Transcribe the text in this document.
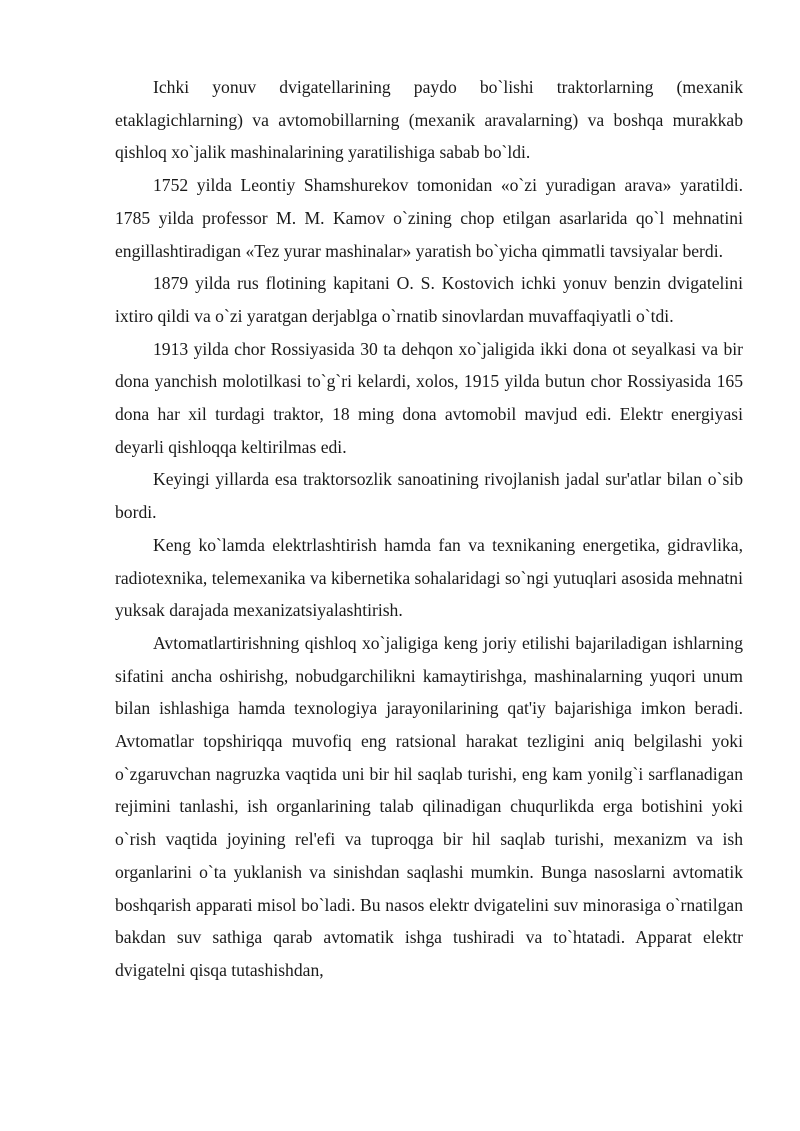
Ichki yonuv dvigatellarining paydo bo`lishi traktorlarning (mexanik etaklagichlarning) va avtomobillarning (mexanik aravalarning) va boshqa murakkab qishloq xo`jalik mashinalarining yaratilishiga sabab bo`ldi.

1752 yilda Leontiy Shamshurekov tomonidan «o`zi yuradigan arava» yaratildi. 1785 yilda professor M. M. Kamov o`zining chop etilgan asarlarida qo`l mehnatini engillashtiradigan «Tez yurar mashinalar» yaratish bo`yicha qimmatli tavsiyalar berdi.

1879 yilda rus flotining kapitani O. S. Kostovich ichki yonuv benzin dvigatelini ixtiro qildi va o`zi yaratgan derjablga o`rnatib sinovlardan muvaffaqiyatli o`tdi.

1913 yilda chor Rossiyasida 30 ta dehqon xo`jaligida ikki dona ot seyalkasi va bir dona yanchish molotilkasi to`g`ri kelardi, xolos, 1915 yilda butun chor Rossiyasida 165 dona har xil turdagi traktor, 18 ming dona avtomobil mavjud edi. Elektr energiyasi deyarli qishloqqa keltirilmas edi.

Keyingi yillarda esa traktorsozlik sanoatining rivojlanish jadal sur'atlar bilan o`sib bordi.

Keng ko`lamda elektrlashtirish hamda fan va texnikaning energetika, gidravlika, radiotexnika, telemexanika va kibernetika sohalaridagi so`ngi yutuqlari asosida mehnatni yuksak darajada mexanizatsiyalashtirish.

Avtomatlartirishning qishloq xo`jaligiga keng joriy etilishi bajariladigan ishlarning sifatini ancha oshirishg, nobudgarchilikni kamaytirishga, mashinalarning yuqori unum bilan ishlashiga hamda texnologiya jarayonilarining qat'iy bajarishiga imkon beradi. Avtomatlar topshiriqqa muvofiq eng ratsional harakat tezligini aniq belgilashi yoki o`zgaruvchan nagruzka vaqtida uni bir hil saqlab turishi, eng kam yonilg`i sarflanadigan rejimini tanlashi, ish organlarining talab qilinadigan chuqurlikda erga botishini yoki o`rish vaqtida joyining rel'efi va tuproqga bir hil saqlab turishi, mexanizm va ish organlarini o`ta yuklanish va sinishdan saqlashi mumkin. Bunga nasoslarni avtomatik boshqarish apparati misol bo`ladi. Bu nasos elektr dvigatelini suv minorasiga o`rnatilgan bakdan suv sathiga qarab avtomatik ishga tushiradi va to`htatadi. Apparat elektr dvigatelni qisqa tutashishdan,
